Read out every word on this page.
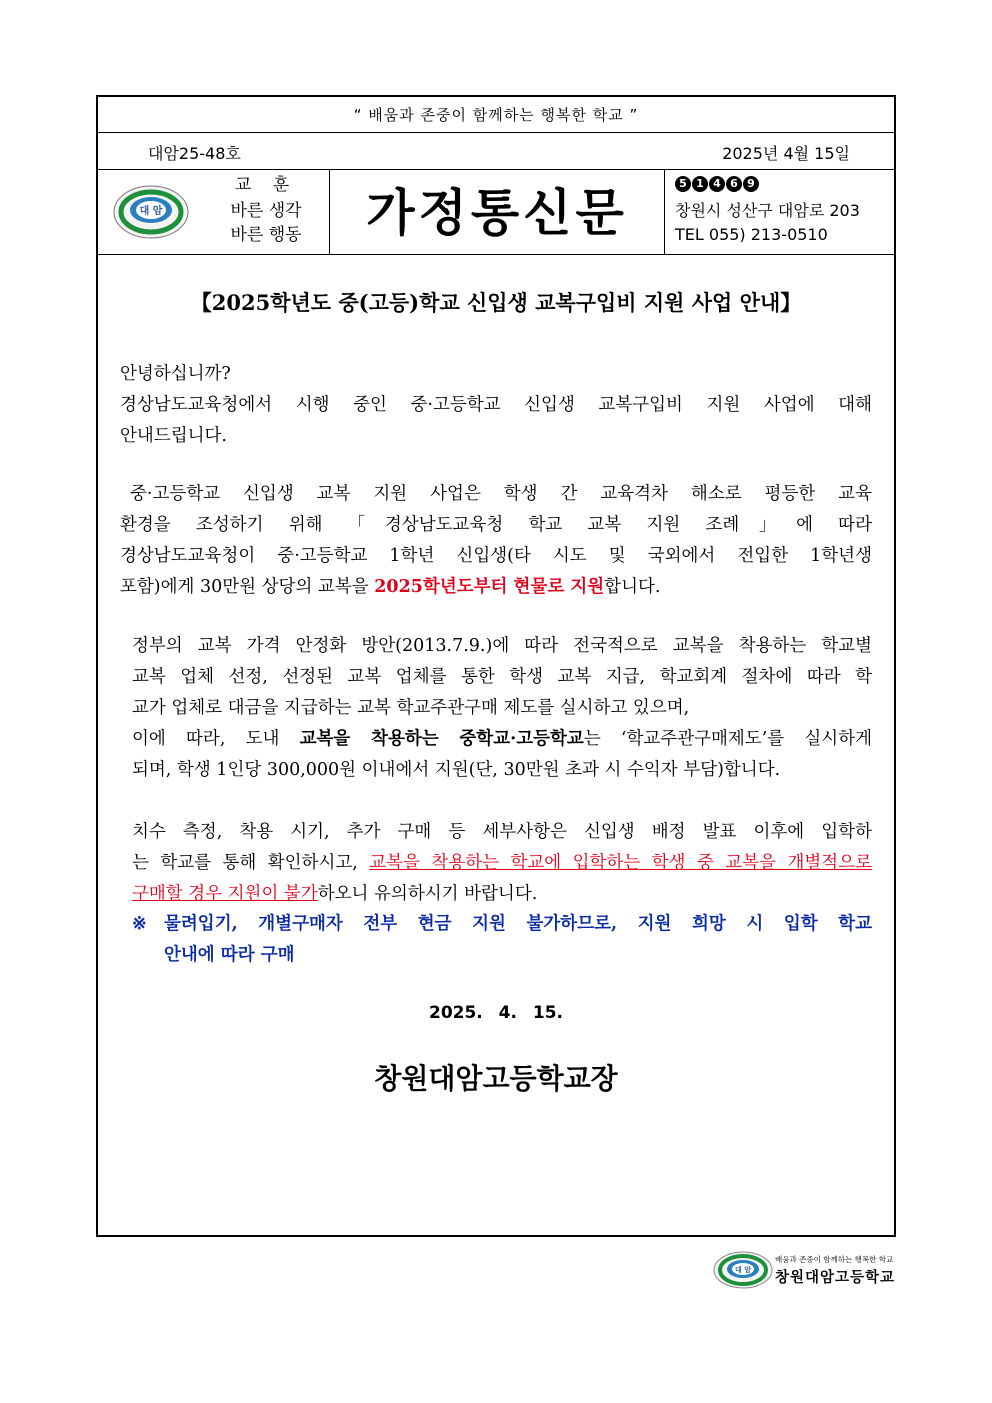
“ 배움과 존중이 함께하는 행복한 학교 ”
대암25-48호	2025년 4월 15일
대 암
교 훈
바른 생각
바른 행동	가정통신문	5 1 4 6 9
창원시 성산구 대암로 203
TEL 055) 213-0510
【2025학년도 중(고등)학교 신입생 교복구입비 지원 사업 안내】
안녕하십니까?
경상남도교육청에서 시행 중인 중·고등학교 신입생 교복구입비 지원 사업에 대해
안내드립니다.
중·고등학교 신입생 교복 지원 사업은 학생 간 교육격차 해소로 평등한 교육
환경을 조성하기 위해 「경상남도교육청 학교 교복 지원 조례」에 따라
경상남도교육청이 중·고등학교 1학년 신입생(타 시도 및 국외에서 전입한 1학년생
포함)에게 30만원 상당의 교복을 2025학년도부터 현물로 지원합니다.
정부의 교복 가격 안정화 방안(2013.7.9.)에 따라 전국적으로 교복을 착용하는 학교별
교복 업체 선정, 선정된 교복 업체를 통한 학생 교복 지급, 학교회계 절차에 따라 학
교가 업체로 대금을 지급하는 교복 학교주관구매 제도를 실시하고 있으며,
이에 따라, 도내 교복을 착용하는 중학교·고등학교는 ‘학교주관구매제도’를 실시하게
되며, 학생 1인당 300,000원 이내에서 지원(단, 30만원 초과 시 수익자 부담)합니다.
치수 측정, 착용 시기, 추가 구매 등 세부사항은 신입생 배정 발표 이후에 입학하
는 학교를 통해 확인하시고, 교복을 착용하는 학교에 입학하는 학생 중 교복을 개별적으로
구매할 경우 지원이 불가하오니 유의하시기 바랍니다.
※ 물려입기, 개별구매자 전부 현금 지원 불가하므로, 지원 희망 시 입학 학교
안내에 따라 구매
2025. 4. 15.
창원대암고등학교장
대 암
배움과 존중이 함께하는 행복한 학교
창원대암고등학교
